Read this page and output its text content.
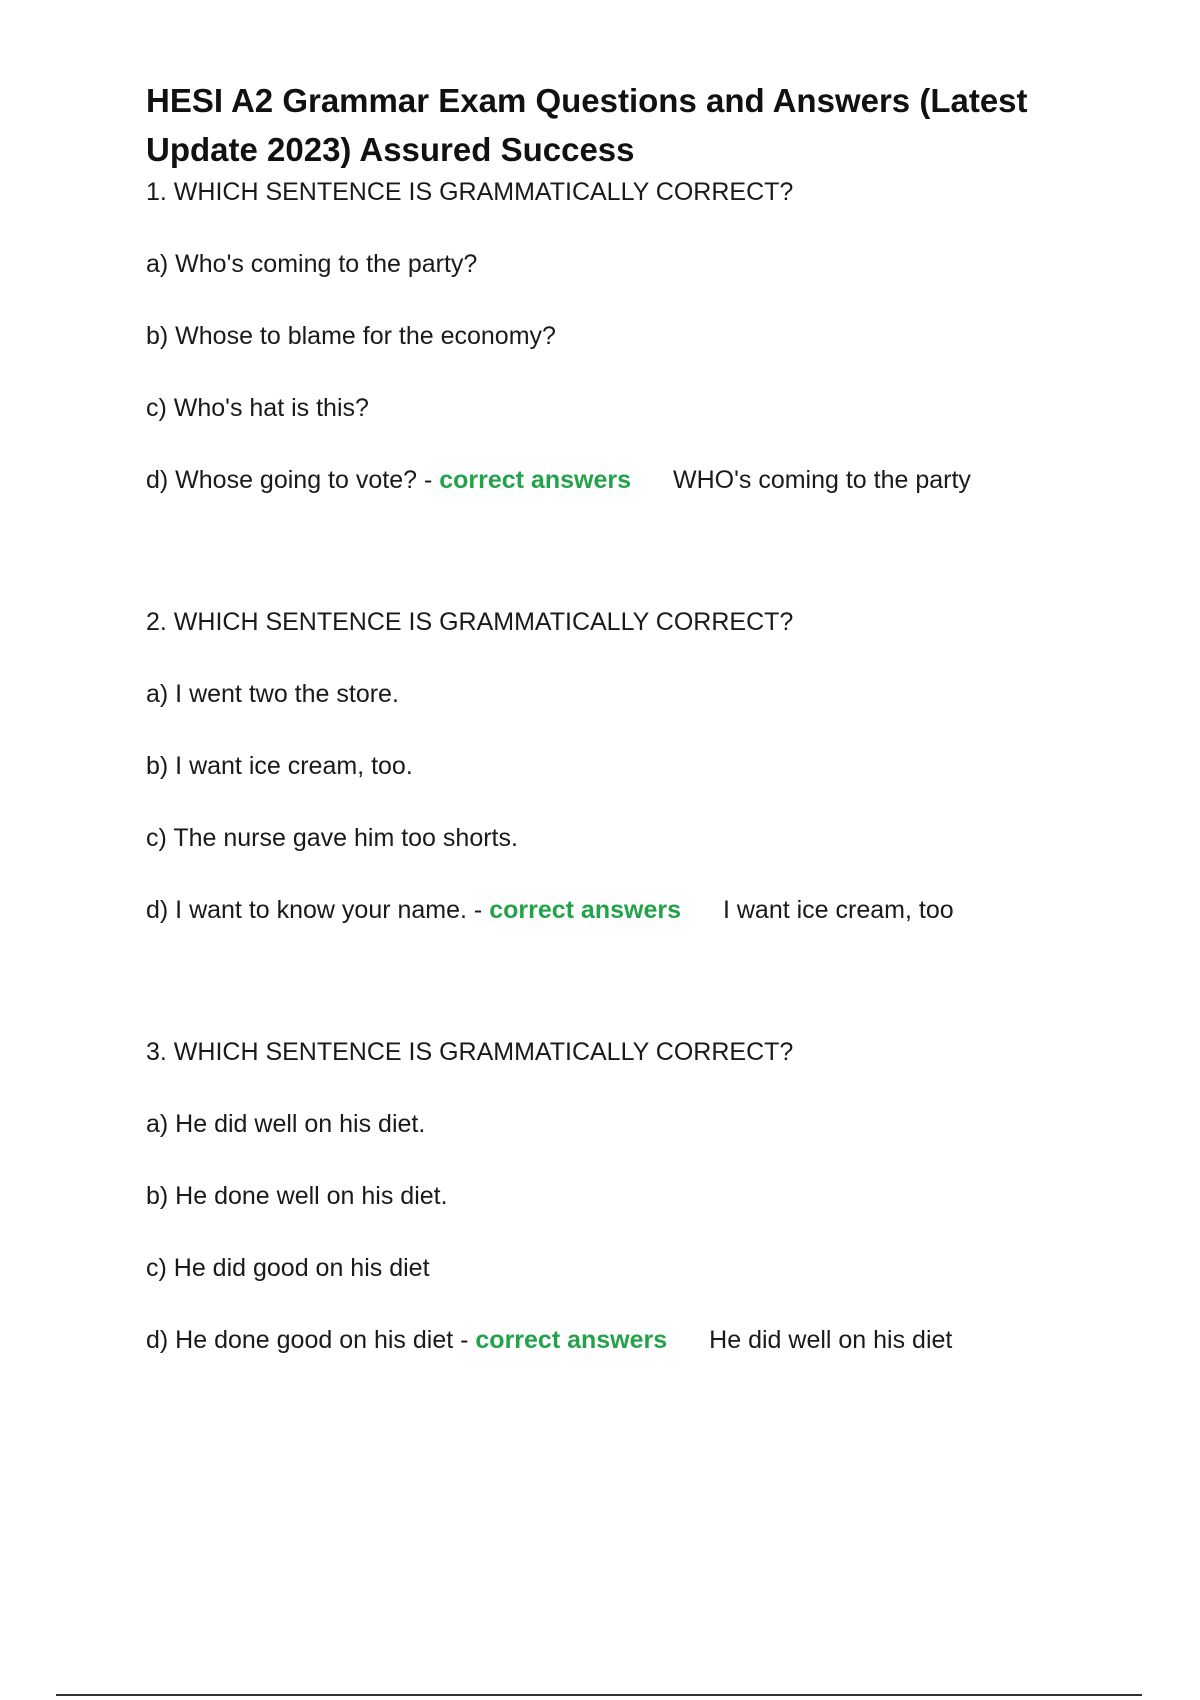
HESI A2 Grammar Exam Questions and Answers (Latest Update 2023) Assured Success

1. WHICH SENTENCE IS GRAMMATICALLY CORRECT?

a) Who's coming to the party?

b) Whose to blame for the economy?

c) Who's hat is this?

d) Whose going to vote? - correct answers WHO's coming to the party

2. WHICH SENTENCE IS GRAMMATICALLY CORRECT?

a) I went two the store.

b) I want ice cream, too.

c) The nurse gave him too shorts.

d) I want to know your name. - correct answers I want ice cream, too

3. WHICH SENTENCE IS GRAMMATICALLY CORRECT?

a) He did well on his diet.

b) He done well on his diet.

c) He did good on his diet

d) He done good on his diet - correct answers He did well on his diet
